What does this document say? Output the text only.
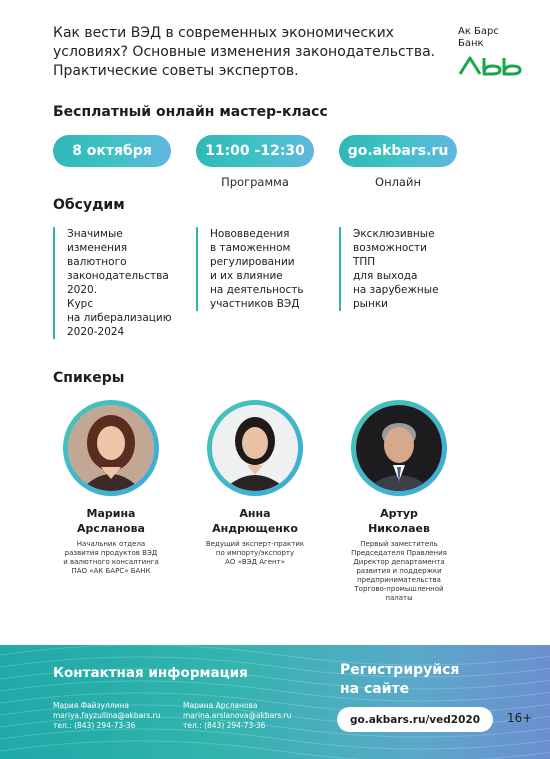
Как вести ВЭД в современных экономических
условиях? Основные изменения законодательства.
Практические советы экспертов.
Ак Барс
Банк
Бесплатный онлайн мастер-класс
8 октября	11:00 -12:30
Программа
go.akbars.ru
Онлайн
Обсудим
Значимые
изменения
валютного
законодательства
2020.
Курс
на либерализацию
2020-2024
Нововведения
в таможенном
регулировании
и их влияние
на деятельность
участников ВЭД
Эксклюзивные
возможности
ТПП
для выхода
на зарубежные
рынки
Спикеры
Марина
Арсланова
Начальник отдела
развития продуктов ВЭД
и валютного консалтинга
ПАО «АК БАРС» БАНК
Анна
Андрющенко
Ведущий эксперт-практик
по импорту/экспорту
АО «ВЭД Агент»
Артур
Николаев
Первый заместитель
Председателя Правления
Директор департамента
развития и поддержки
предпринимательства
Торгово-промышленной
палаты
Контактная информация
Мария Файзуллина
mariya.fayzullina@akbars.ru
тел.: (843) 294-73-36
Марина Арсланова
marina.arslanova@akbars.ru
тел.: (843) 294-73-36
Регистрируйся
на сайте
go.akbars.ru/ved2020	16+
